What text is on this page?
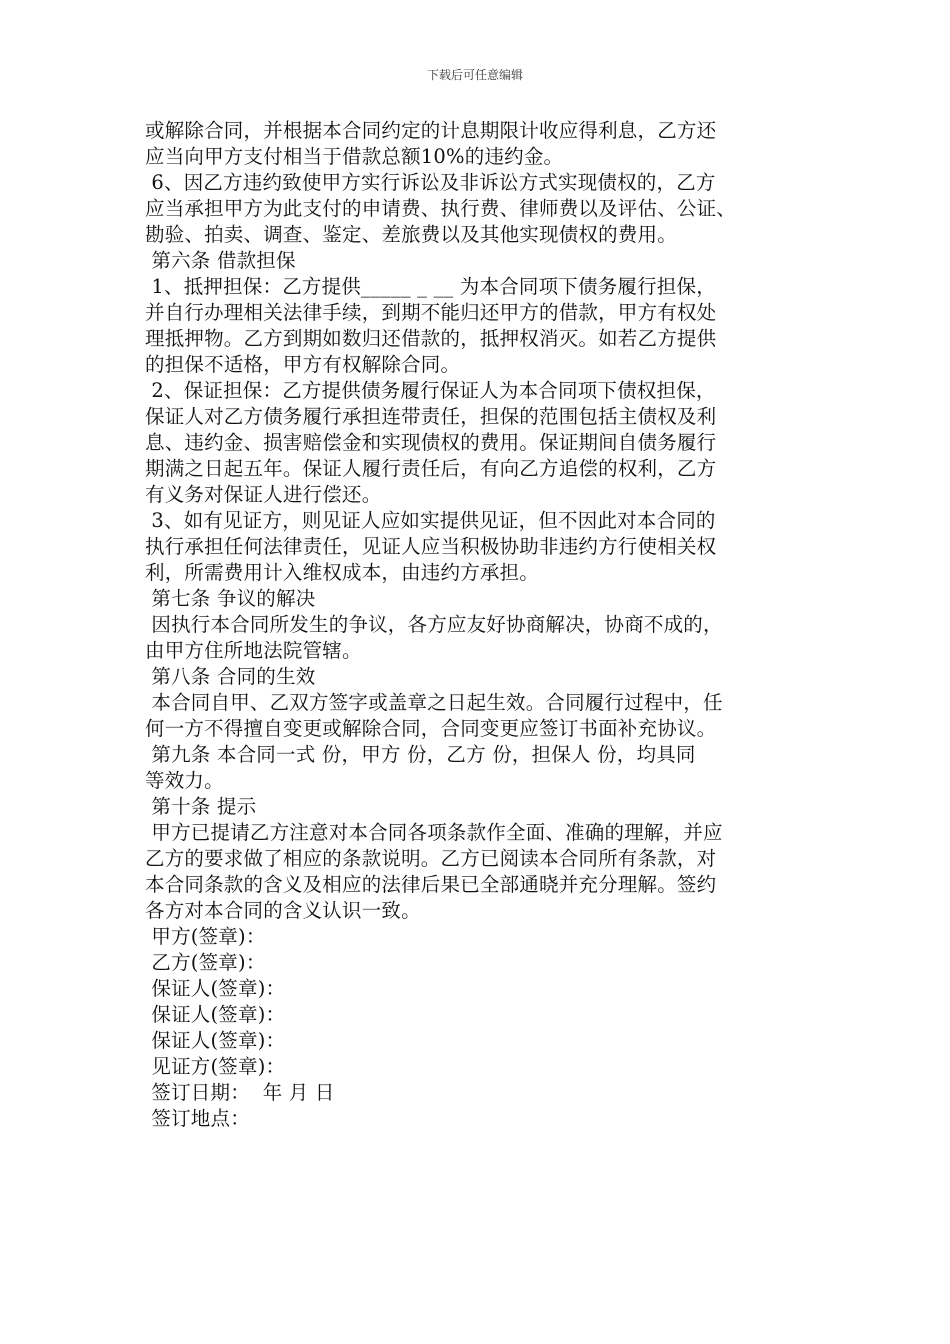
下载后可任意编辑
或解除合同，并根据本合同约定的计息期限计收应得利息，乙方还
应当向甲方支付相当于借款总额10%的违约金。
6、因乙方违约致使甲方实行诉讼及非诉讼方式实现债权的，乙方
应当承担甲方为此支付的申请费、执行费、律师费以及评估、公证、
勘验、拍卖、调查、鉴定、差旅费以及其他实现债权的费用。
第六条 借款担保
1、抵押担保：乙方提供_____ _ __ 为本合同项下债务履行担保，
并自行办理相关法律手续，到期不能归还甲方的借款，甲方有权处
理抵押物。乙方到期如数归还借款的，抵押权消灭。如若乙方提供
的担保不适格，甲方有权解除合同。
2、保证担保：乙方提供债务履行保证人为本合同项下债权担保，
保证人对乙方债务履行承担连带责任，担保的范围包括主债权及利
息、违约金、损害赔偿金和实现债权的费用。保证期间自债务履行
期满之日起五年。保证人履行责任后，有向乙方追偿的权利，乙方
有义务对保证人进行偿还。
3、如有见证方，则见证人应如实提供见证，但不因此对本合同的
执行承担任何法律责任，见证人应当积极协助非违约方行使相关权
利，所需费用计入维权成本，由违约方承担。
第七条 争议的解决
因执行本合同所发生的争议，各方应友好协商解决，协商不成的，
由甲方住所地法院管辖。
第八条 合同的生效
本合同自甲、乙双方签字或盖章之日起生效。合同履行过程中，任
何一方不得擅自变更或解除合同，合同变更应签订书面补充协议。
第九条 本合同一式 份，甲方 份，乙方 份，担保人 份，均具同
等效力。
第十条 提示
甲方已提请乙方注意对本合同各项条款作全面、准确的理解，并应
乙方的要求做了相应的条款说明。乙方已阅读本合同所有条款，对
本合同条款的含义及相应的法律后果已全部通晓并充分理解。签约
各方对本合同的含义认识一致。
甲方(签章)：
乙方(签章)：
保证人(签章)：
保证人(签章)：
保证人(签章)：
见证方(签章)：
签订日期：  年 月 日
签订地点：
